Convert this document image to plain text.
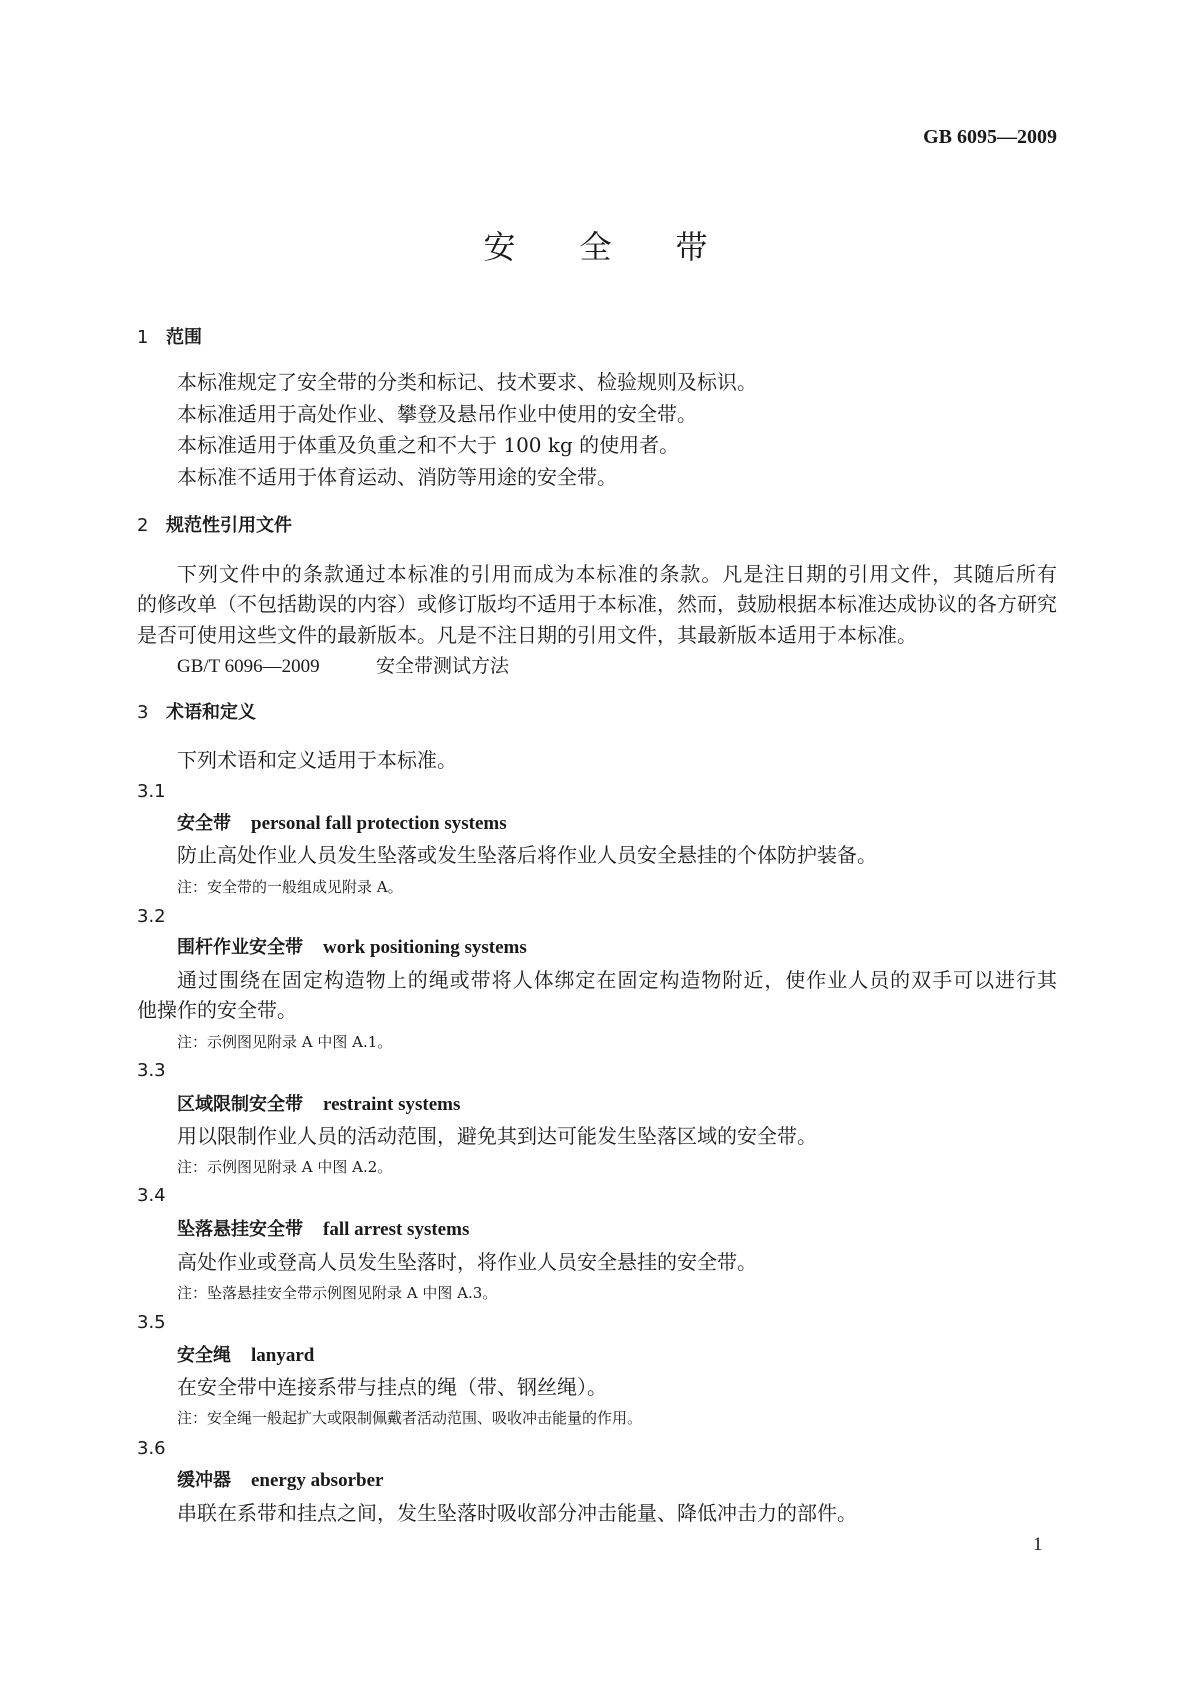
GB 6095—2009
安全带
1 范围
本标准规定了安全带的分类和标记、技术要求、检验规则及标识。
本标准适用于高处作业、攀登及悬吊作业中使用的安全带。
本标准适用于体重及负重之和不大于 100 kg 的使用者。
本标准不适用于体育运动、消防等用途的安全带。
2 规范性引用文件
下列文件中的条款通过本标准的引用而成为本标准的条款。凡是注日期的引用文件，其随后所有
的修改单（不包括勘误的内容）或修订版均不适用于本标准，然而，鼓励根据本标准达成协议的各方研究
是否可使用这些文件的最新版本。凡是不注日期的引用文件，其最新版本适用于本标准。
GB/T 6096—2009	安全带测试方法
3 术语和定义
下列术语和定义适用于本标准。
3.1
安全带 personal fall protection systems
防止高处作业人员发生坠落或发生坠落后将作业人员安全悬挂的个体防护装备。
注：安全带的一般组成见附录 A。
3.2
围杆作业安全带 work positioning systems
通过围绕在固定构造物上的绳或带将人体绑定在固定构造物附近，使作业人员的双手可以进行其
他操作的安全带。
注：示例图见附录 A 中图 A.1。
3.3
区域限制安全带 restraint systems
用以限制作业人员的活动范围，避免其到达可能发生坠落区域的安全带。
注：示例图见附录 A 中图 A.2。
3.4
坠落悬挂安全带 fall arrest systems
高处作业或登高人员发生坠落时，将作业人员安全悬挂的安全带。
注：坠落悬挂安全带示例图见附录 A 中图 A.3。
3.5
安全绳 lanyard
在安全带中连接系带与挂点的绳（带、钢丝绳）。
注：安全绳一般起扩大或限制佩戴者活动范围、吸收冲击能量的作用。
3.6
缓冲器 energy absorber
串联在系带和挂点之间，发生坠落时吸收部分冲击能量、降低冲击力的部件。
1
